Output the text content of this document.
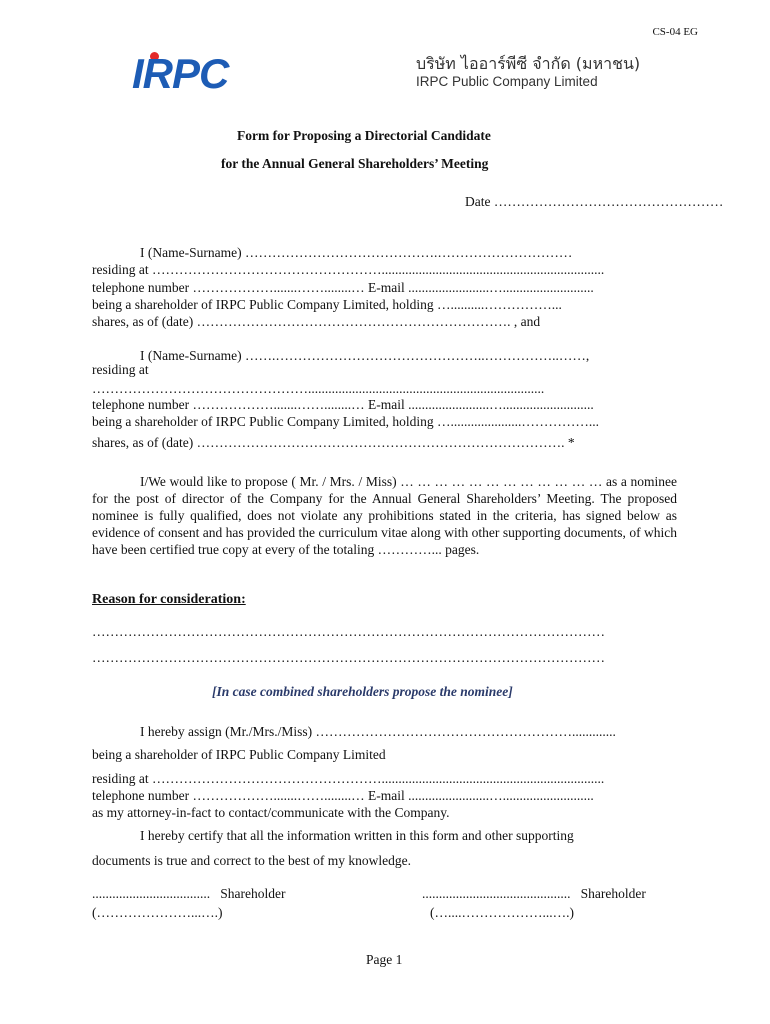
CS-04 EG
IRPC	บริษัท ไออาร์พีซี จำกัด (มหาชน)
IRPC Public Company Limited
Form for Proposing a Directorial Candidate
for the Annual General Shareholders’ Meeting
Date ……………………………………………
I (Name-Surname) …………………………………….…………………………
residing at ……………………………………………..................................................................
telephone number ……………….......……........… E-mail ........................…...........................
being a shareholder of IRPC Public Company Limited, holding …..........……………...
shares, as of (date) ……………………………………………………………. , and
I (Name-Surname) …….………………………………………..……………..……,
residing at
…………………………………………......................................................................
telephone number ……………….......……........… E-mail ........................…...........................
being a shareholder of IRPC Public Company Limited, holding ….....................……………...
shares, as of (date) ………………………………………………………………………. *
I/We would like to propose ( Mr. / Mrs. / Miss) … … … … … … … … … … … … as a nominee for the post of director of the Company for the Annual General Shareholders’ Meeting. The proposed nominee is fully qualified, does not violate any prohibitions stated in the criteria, has signed below as evidence of consent and has provided the curriculum vitae along with other supporting documents, of which have been certified true copy at every of the totaling …………... pages.
Reason for consideration:
……………………………………………………………………………………………………
……………………………………………………………………………………………………
[In case combined shareholders propose the nominee]
I hereby assign (Mr./Mrs./Miss) ………………………………………………….............
being a shareholder of IRPC Public Company Limited
residing at ……………………………………………..................................................................
telephone number ……………….......……........… E-mail ........................…...........................
as my attorney-in-fact to contact/communicate with the Company.
I hereby certify that all the information written in this form and other supporting
documents is true and correct to the best of my knowledge.
................................... Shareholder
(…………………...….)
............................................ Shareholder
(…....………………...….)
Page 1
